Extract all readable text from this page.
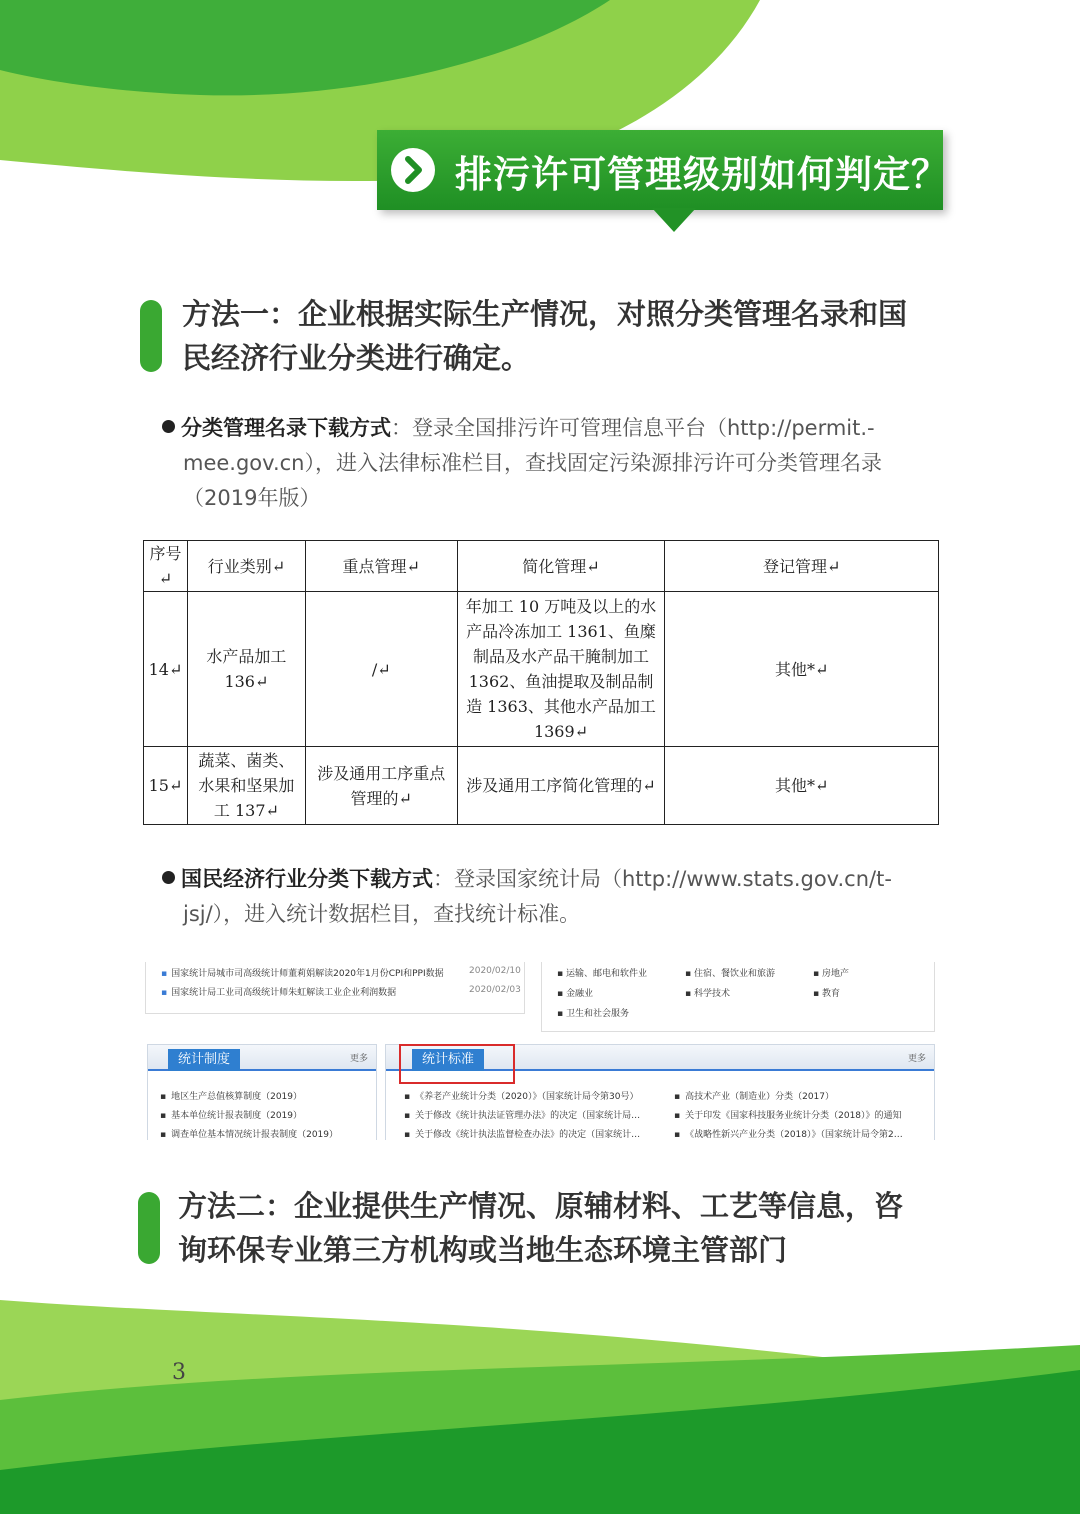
排污许可管理级别如何判定？
方法一：企业根据实际生产情况，对照分类管理名录和国
民经济行业分类进行确定。
分类管理名录下载方式：登录全国排污许可管理信息平台（http://permit.-
mee.gov.cn），进入法律标准栏目，查找固定污染源排污许可分类管理名录
（2019年版）
序号↵	行业类别↵	重点管理↵	简化管理↵	登记管理↵
14↵	水产品加工 136↵	/↵	年加工 10 万吨及以上的水产品冷冻加工 1361、鱼糜制品及水产品干腌制加工 1362、鱼油提取及制品制造 1363、其他水产品加工 1369↵	其他*↵
15↵	蔬菜、菌类、水果和坚果加工 137↵	涉及通用工序重点管理的↵	涉及通用工序简化管理的↵	其他*↵
国民经济行业分类下载方式：登录国家统计局（http://www.stats.gov.cn/t-
jsj/），进入统计数据栏目，查找统计标准。
▪ 国家统计局城市司高级统计师董莉娟解读2020年1月份CPI和PPI数据	2020/02/10
▪ 国家统计局工业司高级统计师朱虹解读工业企业利润数据	2020/02/03
▪ 运输、邮电和软件业	▪ 住宿、餐饮业和旅游	▪ 房地产
▪ 金融业	▪ 科学技术	▪ 教育
▪ 卫生和社会服务
统计制度	更多
▪ 地区生产总值核算制度（2019）
▪ 基本单位统计报表制度（2019）
▪ 调查单位基本情况统计报表制度（2019）
统计标准	更多
▪ 《养老产业统计分类（2020）》（国家统计局令第30号）
▪ 关于修改《统计执法证管理办法》的决定（国家统计局…
▪ 关于修改《统计执法监督检查办法》的决定（国家统计…
▪ 高技术产业（制造业）分类（2017）
▪ 关于印发《国家科技服务业统计分类（2018）》的通知
▪ 《战略性新兴产业分类（2018）》（国家统计局令第2…
方法二：企业提供生产情况、原辅材料、工艺等信息，咨
询环保专业第三方机构或当地生态环境主管部门
3
